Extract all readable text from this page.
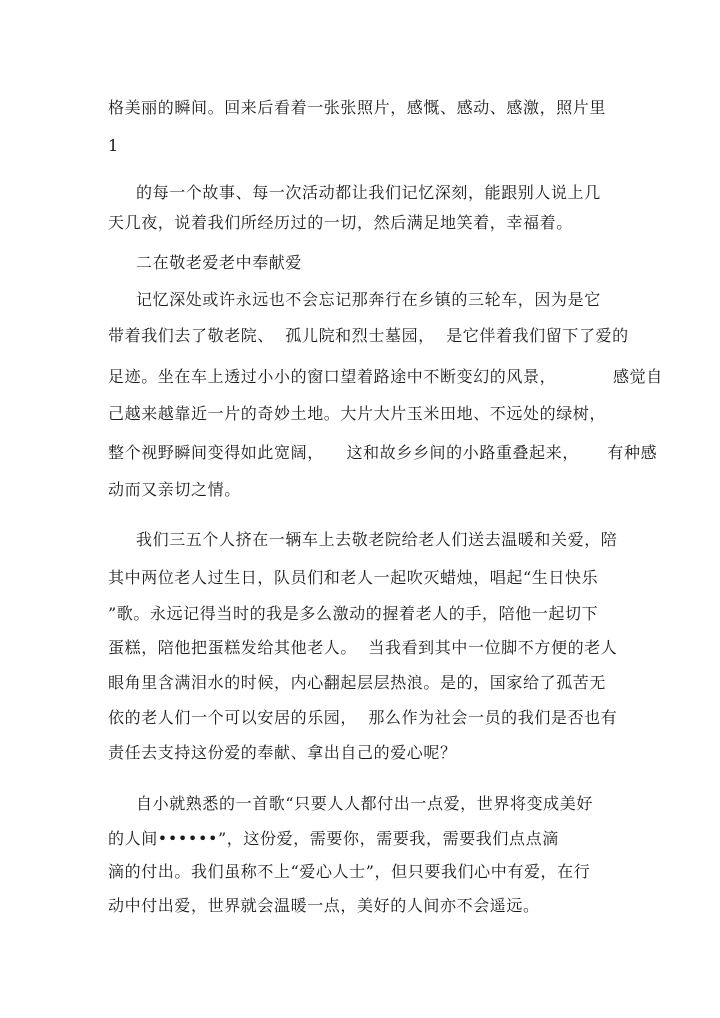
格美丽的瞬间。回来后看着一张张照片，感慨、感动、感激，照片里
1
的每一个故事、每一次活动都让我们记忆深刻，能跟别人说上几
天几夜，说着我们所经历过的一切，然后满足地笑着，幸福着。
二在敬老爱老中奉献爱
记忆深处或许永远也不会忘记那奔行在乡镇的三轮车，因为是它
带着我们去了敬老院、  孤儿院和烈士墓园，  是它伴着我们留下了爱的
足迹。坐在车上透过小小的窗口望着路途中不断变幻的风景，          感觉自
己越来越靠近一片的奇妙土地。大片大片玉米田地、不远处的绿树，
整个视野瞬间变得如此宽阔，    这和故乡乡间的小路重叠起来，     有种感
动而又亲切之情。
我们三五个人挤在一辆车上去敬老院给老人们送去温暖和关爱，陪
其中两位老人过生日，队员们和老人一起吹灭蜡烛，唱起“生日快乐
”歌。永远记得当时的我是多么激动的握着老人的手，陪他一起切下
蛋糕，陪他把蛋糕发给其他老人。  当我看到其中一位脚不方便的老人
眼角里含满泪水的时候，内心翻起层层热浪。是的，国家给了孤苦无
依的老人们一个可以安居的乐园，  那么作为社会一员的我们是否也有
责任去支持这份爱的奉献、拿出自己的爱心呢？
自小就熟悉的一首歌“只要人人都付出一点爱，世界将变成美好
的人间••••••”，这份爱，需要你，需要我，需要我们点点滴
滴的付出。我们虽称不上“爱心人士”，但只要我们心中有爱，在行
动中付出爱，世界就会温暖一点，美好的人间亦不会遥远。
